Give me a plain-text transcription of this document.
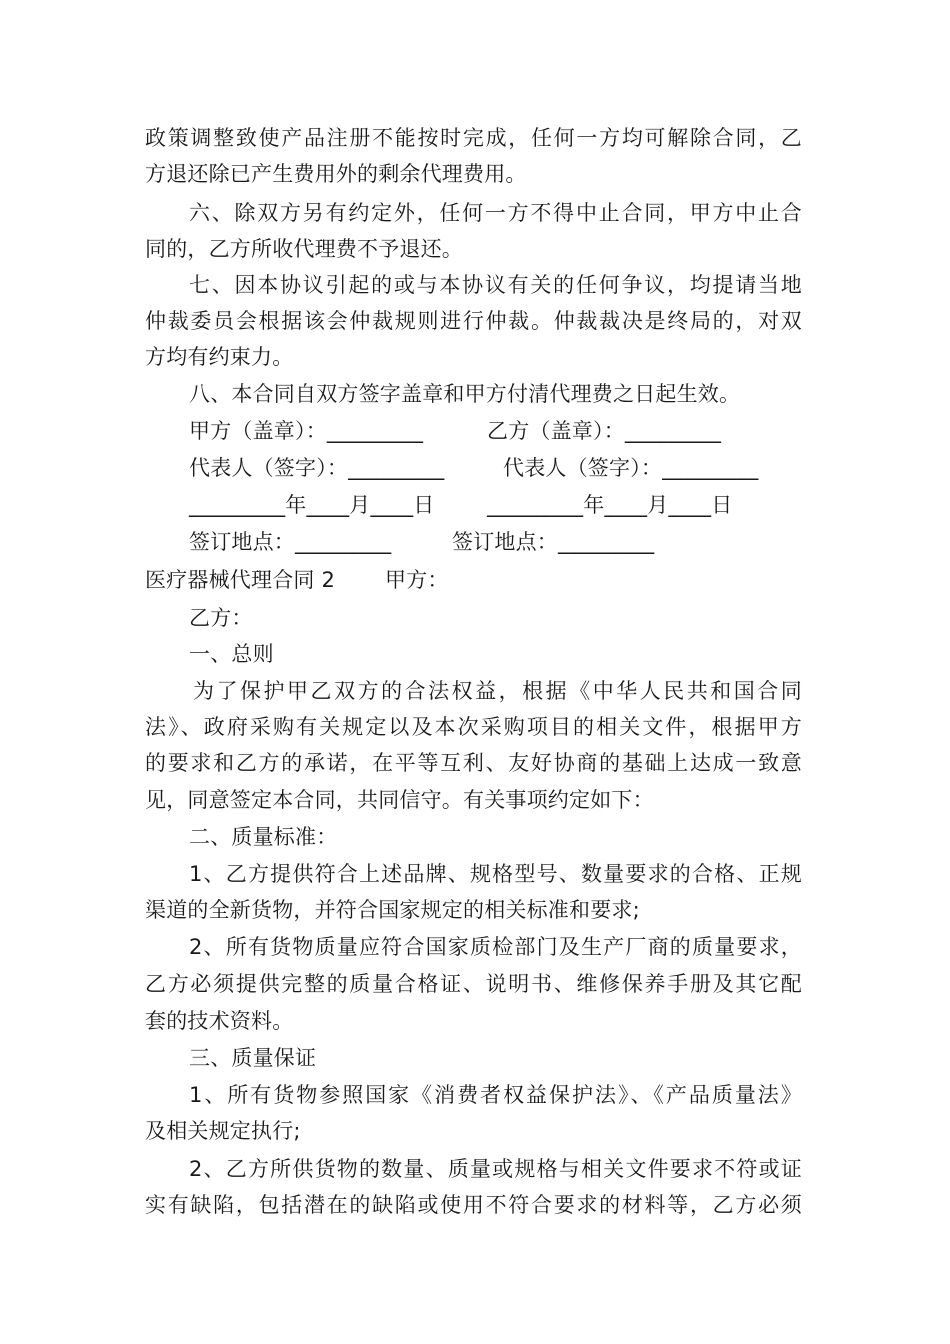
政策调整致使产品注册不能按时完成，任何一方均可解除合同，乙
方退还除已产生费用外的剩余代理费用。
六、除双方另有约定外，任何一方不得中止合同，甲方中止合
同的，乙方所收代理费不予退还。
七、因本协议引起的或与本协议有关的任何争议，均提请当地
仲裁委员会根据该会仲裁规则进行仲裁。仲裁裁决是终局的，对双
方均有约束力。
八、本合同自双方签字盖章和甲方付清代理费之日起生效。
甲方（盖章）：_________	乙方（盖章）：_________
代表人（签字）：_________	代表人（签字）：_________
_________年____月____日	_________年____月____日
签订地点：_________	签订地点：_________
医疗器械代理合同 2 甲方：
乙方：
一、总则
为了保护甲乙双方的合法权益，根据《中华人民共和国合同
法》、政府采购有关规定以及本次采购项目的相关文件，根据甲方
的要求和乙方的承诺，在平等互利、友好协商的基础上达成一致意
见，同意签定本合同，共同信守。有关事项约定如下：
二、质量标准：
1、乙方提供符合上述品牌、规格型号、数量要求的合格、正规
渠道的全新货物，并符合国家规定的相关标准和要求;
2、所有货物质量应符合国家质检部门及生产厂商的质量要求，
乙方必须提供完整的质量合格证、说明书、维修保养手册及其它配
套的技术资料。
三、质量保证
1、所有货物参照国家《消费者权益保护法》、《产品质量法》
及相关规定执行;
2、乙方所供货物的数量、质量或规格与相关文件要求不符或证
实有缺陷，包括潜在的缺陷或使用不符合要求的材料等，乙方必须
